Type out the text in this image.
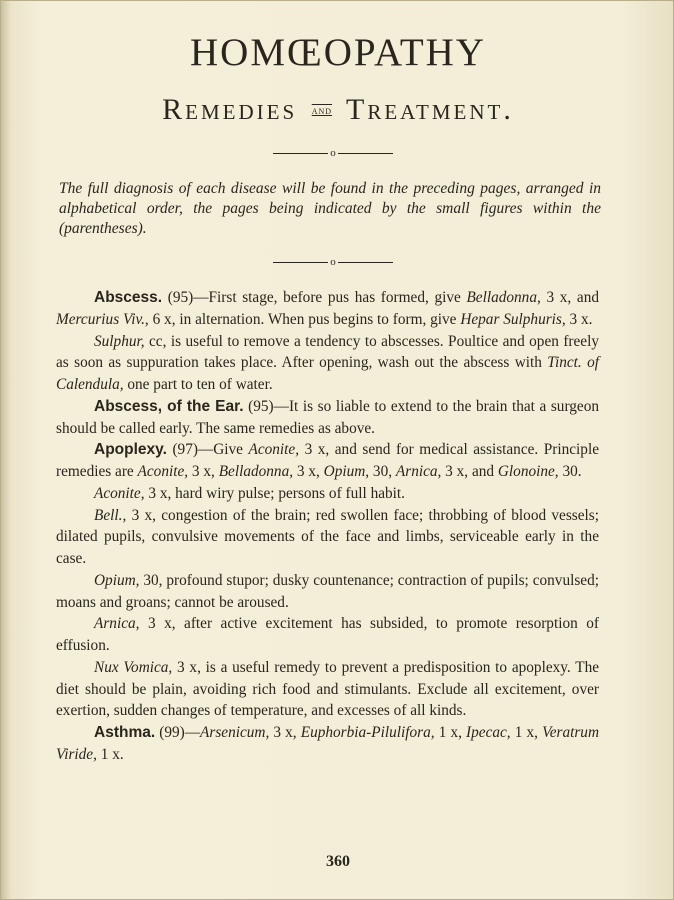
HOMŒOPATHY
Remedies and Treatment.
o
The full diagnosis of each disease will be found in the preceding pages, arranged in alphabetical order, the pages being indicated by the small figures within the (parentheses).
o

Abscess. (95)—First stage, before pus has formed, give Belladonna, 3 x, and Mercurius Viv., 6 x, in alternation. When pus begins to form, give Hepar Sulphuris, 3 x.

Sulphur, cc, is useful to remove a tendency to abscesses. Poultice and open freely as soon as suppuration takes place. After opening, wash out the abscess with Tinct. of Calendula, one part to ten of water.

Abscess, of the Ear. (95)—It is so liable to extend to the brain that a surgeon should be called early. The same remedies as above.

Apoplexy. (97)—Give Aconite, 3 x, and send for medical assistance. Principle remedies are Aconite, 3 x, Belladonna, 3 x, Opium, 30, Arnica, 3 x, and Glonoine, 30.

Aconite, 3 x, hard wiry pulse; persons of full habit.

Bell., 3 x, congestion of the brain; red swollen face; throbbing of blood vessels; dilated pupils, convulsive movements of the face and limbs, serviceable early in the case.

Opium, 30, profound stupor; dusky countenance; contraction of pupils; convulsed; moans and groans; cannot be aroused.

Arnica, 3 x, after active excitement has subsided, to promote resorption of effusion.

Nux Vomica, 3 x, is a useful remedy to prevent a predisposition to apoplexy. The diet should be plain, avoiding rich food and stimulants. Exclude all excitement, over exertion, sudden changes of temperature, and excesses of all kinds.

Asthma. (99)—Arsenicum, 3 x, Euphorbia-Pilulifora, 1 x, Ipecac, 1 x, Veratrum Viride, 1 x.

360
